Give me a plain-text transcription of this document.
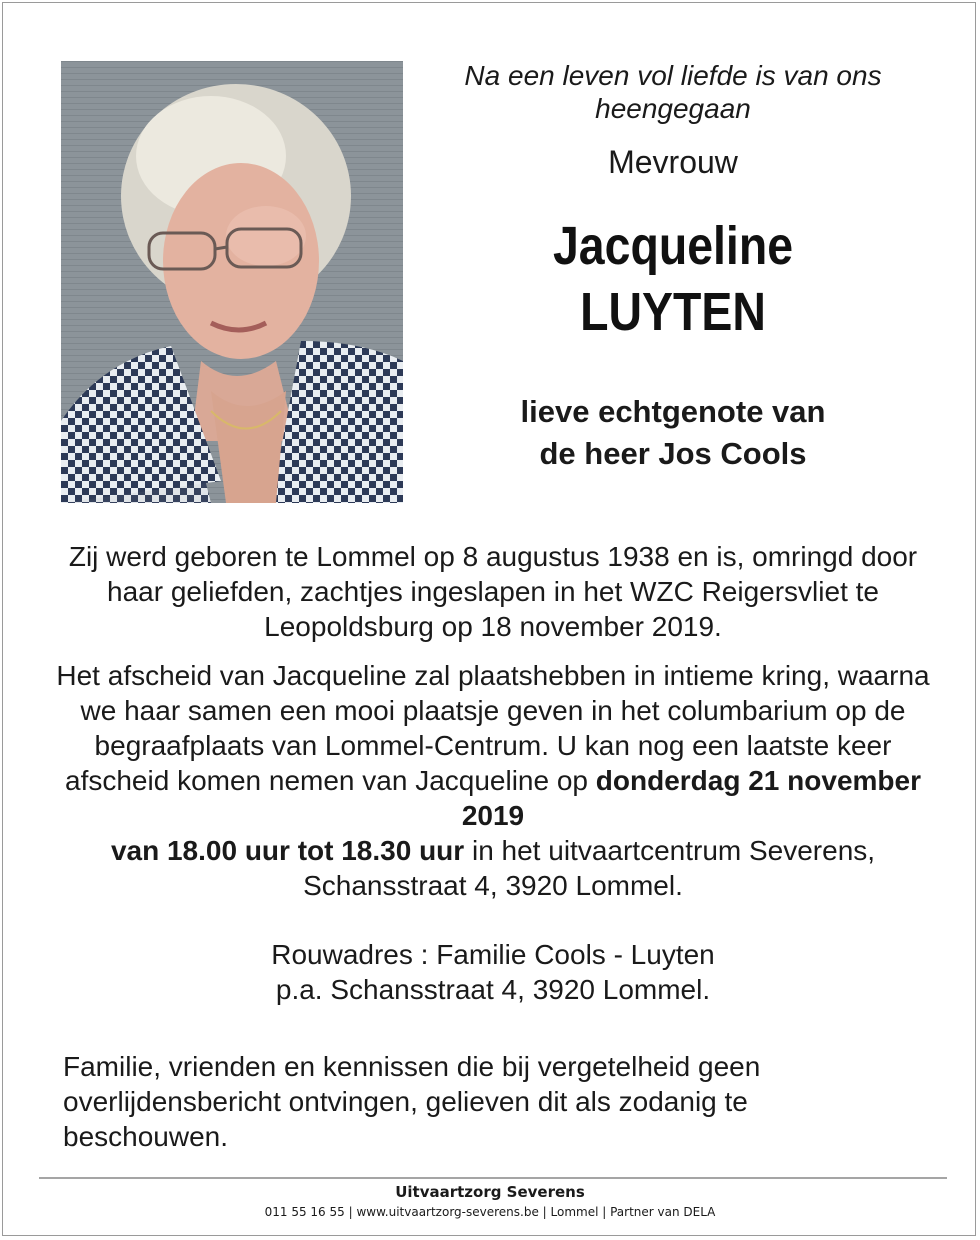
Na een leven vol liefde is van ons heengegaan

Mevrouw

Jacqueline
LUYTEN
lieve echtgenote van
de heer Jos Cools

Zij werd geboren te Lommel op 8 augustus 1938 en is, omringd door haar geliefden, zachtjes ingeslapen in het WZC Reigersvliet te Leopoldsburg op 18 november 2019.

Het afscheid van Jacqueline zal plaatshebben in intieme kring, waarna we haar samen een mooi plaatsje geven in het columbarium op de begraafplaats van Lommel-Centrum. U kan nog een laatste keer afscheid komen nemen van Jacqueline op donderdag 21 november 2019
van 18.00 uur tot 18.30 uur in het uitvaartcentrum Severens, Schansstraat 4, 3920 Lommel.

Rouwadres : Familie Cools - Luyten
p.a. Schansstraat 4, 3920 Lommel.

Familie, vrienden en kennissen die bij vergetelheid geen overlijdensbericht ontvingen, gelieven dit als zodanig te beschouwen.

Uitvaartzorg Severens
011 55 16 55 | www.uitvaartzorg-severens.be | Lommel | Partner van DELA
